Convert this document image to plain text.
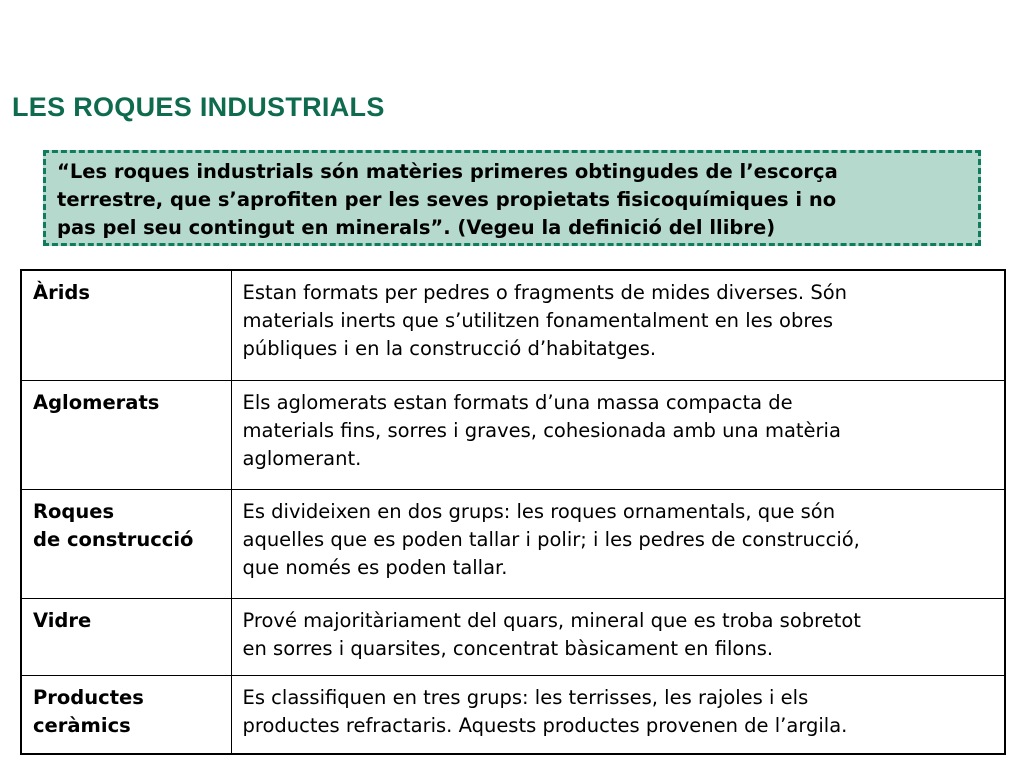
LES ROQUES INDUSTRIALS
“Les roques industrials són matèries primeres obtingudes de l’escorça
terrestre, que s’aprofiten per les seves propietats fisicoquímiques i no
pas pel seu contingut en minerals”. (Vegeu la definició del llibre)
Àrids	Estan formats per pedres o fragments de mides diverses. Són
materials inerts que s’utilitzen fonamentalment en les obres
públiques i en la construcció d’habitatges.

Aglomerats	Els aglomerats estan formats d’una massa compacta de
materials fins, sorres i graves, cohesionada amb una matèria
aglomerant.

Roques
de construcció	Es divideixen en dos grups: les roques ornamentals, que són
aquelles que es poden tallar i polir; i les pedres de construcció,
que només es poden tallar.

Vidre	Prové majoritàriament del quars, mineral que es troba sobretot
en sorres i quarsites, concentrat bàsicament en filons.

Productes
ceràmics	Es classifiquen en tres grups: les terrisses, les rajoles i els
productes refractaris. Aquests productes provenen de l’argila.
